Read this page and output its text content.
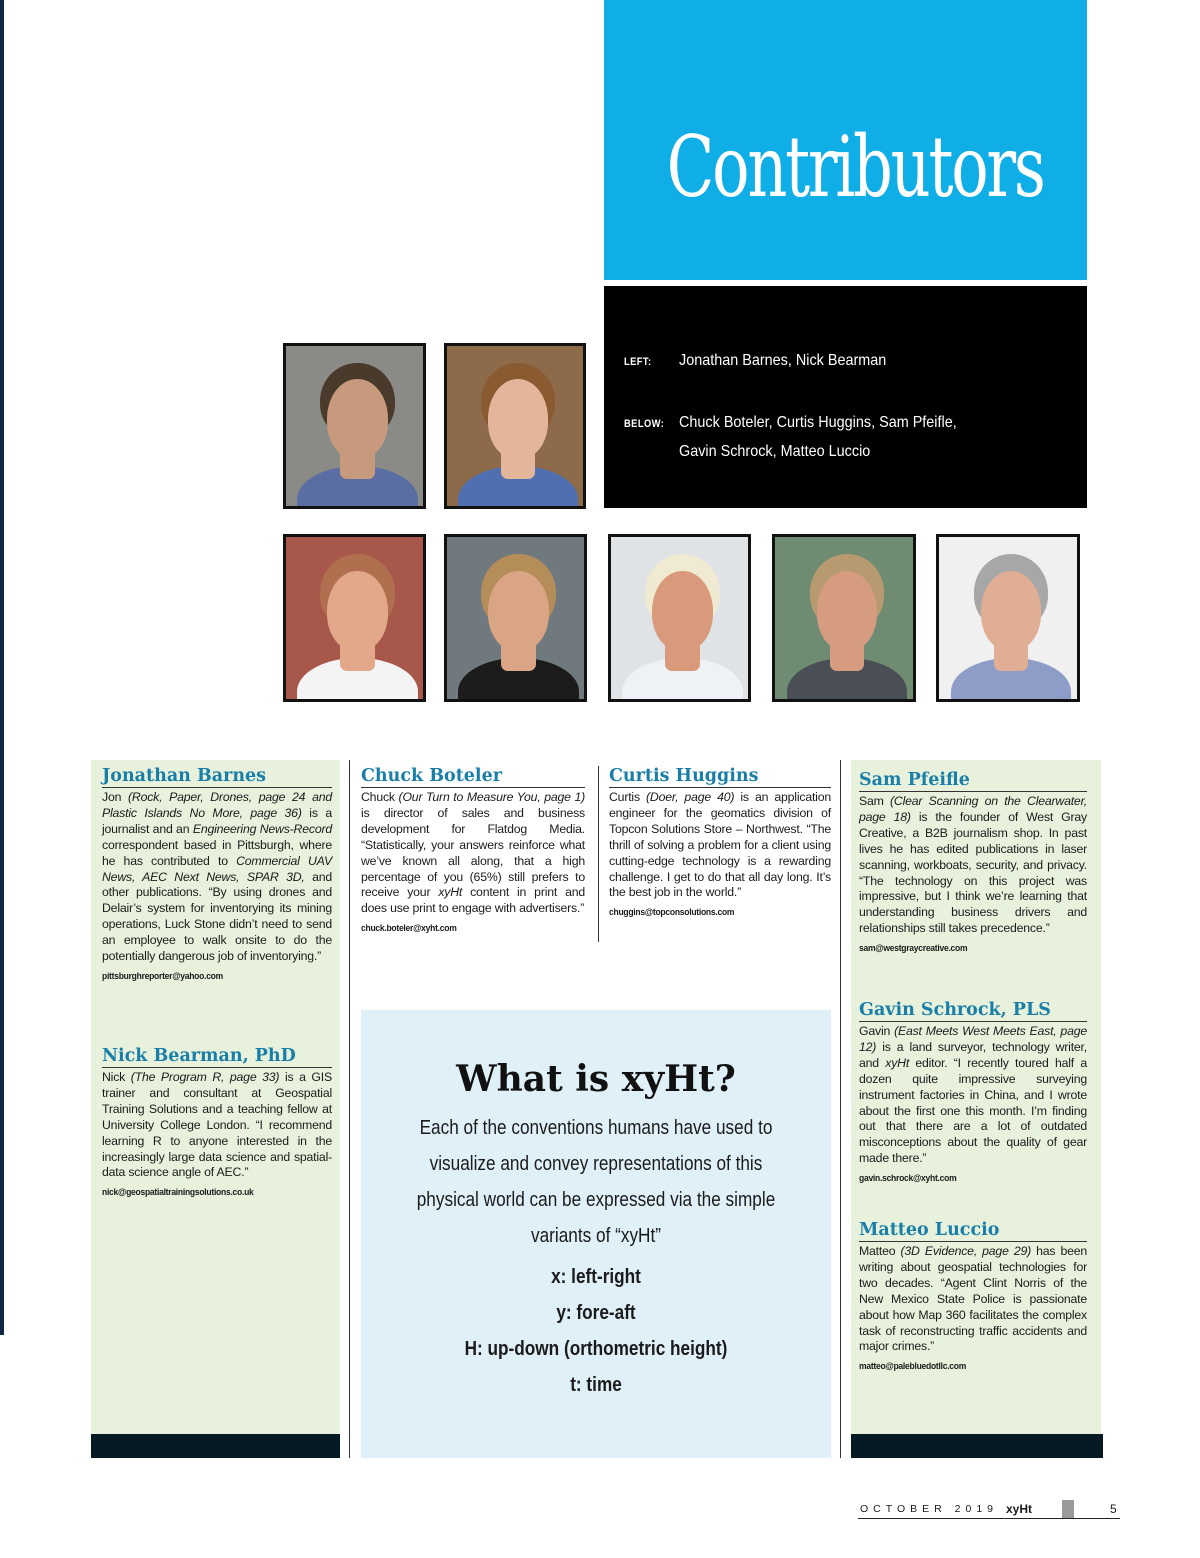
Contributors
LEFT: Jonathan Barnes, Nick Bearman
BELOW: Chuck Boteler, Curtis Huggins, Sam Pfeifle,
Gavin Schrock, Matteo Luccio
Jonathan Barnes

Jon (Rock, Paper, Drones, page 24 and Plastic Islands No More, page 36) is a journalist and an Engineering News-Record correspondent based in Pittsburgh, where he has contributed to Commercial UAV News, AEC Next News, SPAR 3D, and other publications. “By using drones and Delair’s system for inventorying its mining operations, Luck Stone didn’t need to send an employee to walk onsite to do the potentially dangerous job of inventorying.”

pittsburghreporter@yahoo.com
Nick Bearman, PhD

Nick (The Program R, page 33) is a GIS trainer and consultant at Geospatial Training Solutions and a teaching fellow at University College London. “I recommend learning R to anyone interested in the increasingly large data science and spatial-data science angle of AEC.”

nick@geospatialtrainingsolutions.co.uk
Chuck Boteler

Chuck (Our Turn to Measure You, page 1) is director of sales and business development for Flatdog Media. “Statistically, your answers reinforce what we’ve known all along, that a high percentage of you (65%) still prefers to receive your xyHt content in print and does use print to engage with advertisers.”

chuck.boteler@xyht.com
Curtis Huggins

Curtis (Doer, page 40) is an application engineer for the geomatics division of Topcon Solutions Store – Northwest. “The thrill of solving a problem for a client using cutting-edge technology is a rewarding challenge. I get to do that all day long. It’s the best job in the world.”

chuggins@topconsolutions.com
What is xyHt?
Each of the conventions humans have used to visualize and convey representations of this physical world can be expressed via the simple variants of “xyHt”
x: left-right
y: fore-aft
H: up-down (orthometric height)
t: time
Sam Pfeifle

Sam (Clear Scanning on the Clearwater, page 18) is the founder of West Gray Creative, a B2B journalism shop. In past lives he has edited publications in laser scanning, workboats, security, and privacy. “The technology on this project was impressive, but I think we’re learning that understanding business drivers and relationships still takes precedence.”

sam@westgraycreative.com
Gavin Schrock, PLS

Gavin (East Meets West Meets East, page 12) is a land surveyor, technology writer, and xyHt editor. “I recently toured half a dozen quite impressive surveying instrument factories in China, and I wrote about the first one this month. I’m finding out that there are a lot of outdated misconceptions about the quality of gear made there.”

gavin.schrock@xyht.com
Matteo Luccio

Matteo (3D Evidence, page 29) has been writing about geospatial technologies for two decades. “Agent Clint Norris of the New Mexico State Police is passionate about how Map 360 facilitates the complex task of reconstructing traffic accidents and major crimes.”

matteo@palebluedotllc.com
OCTOBER 2019 xyHt	5
